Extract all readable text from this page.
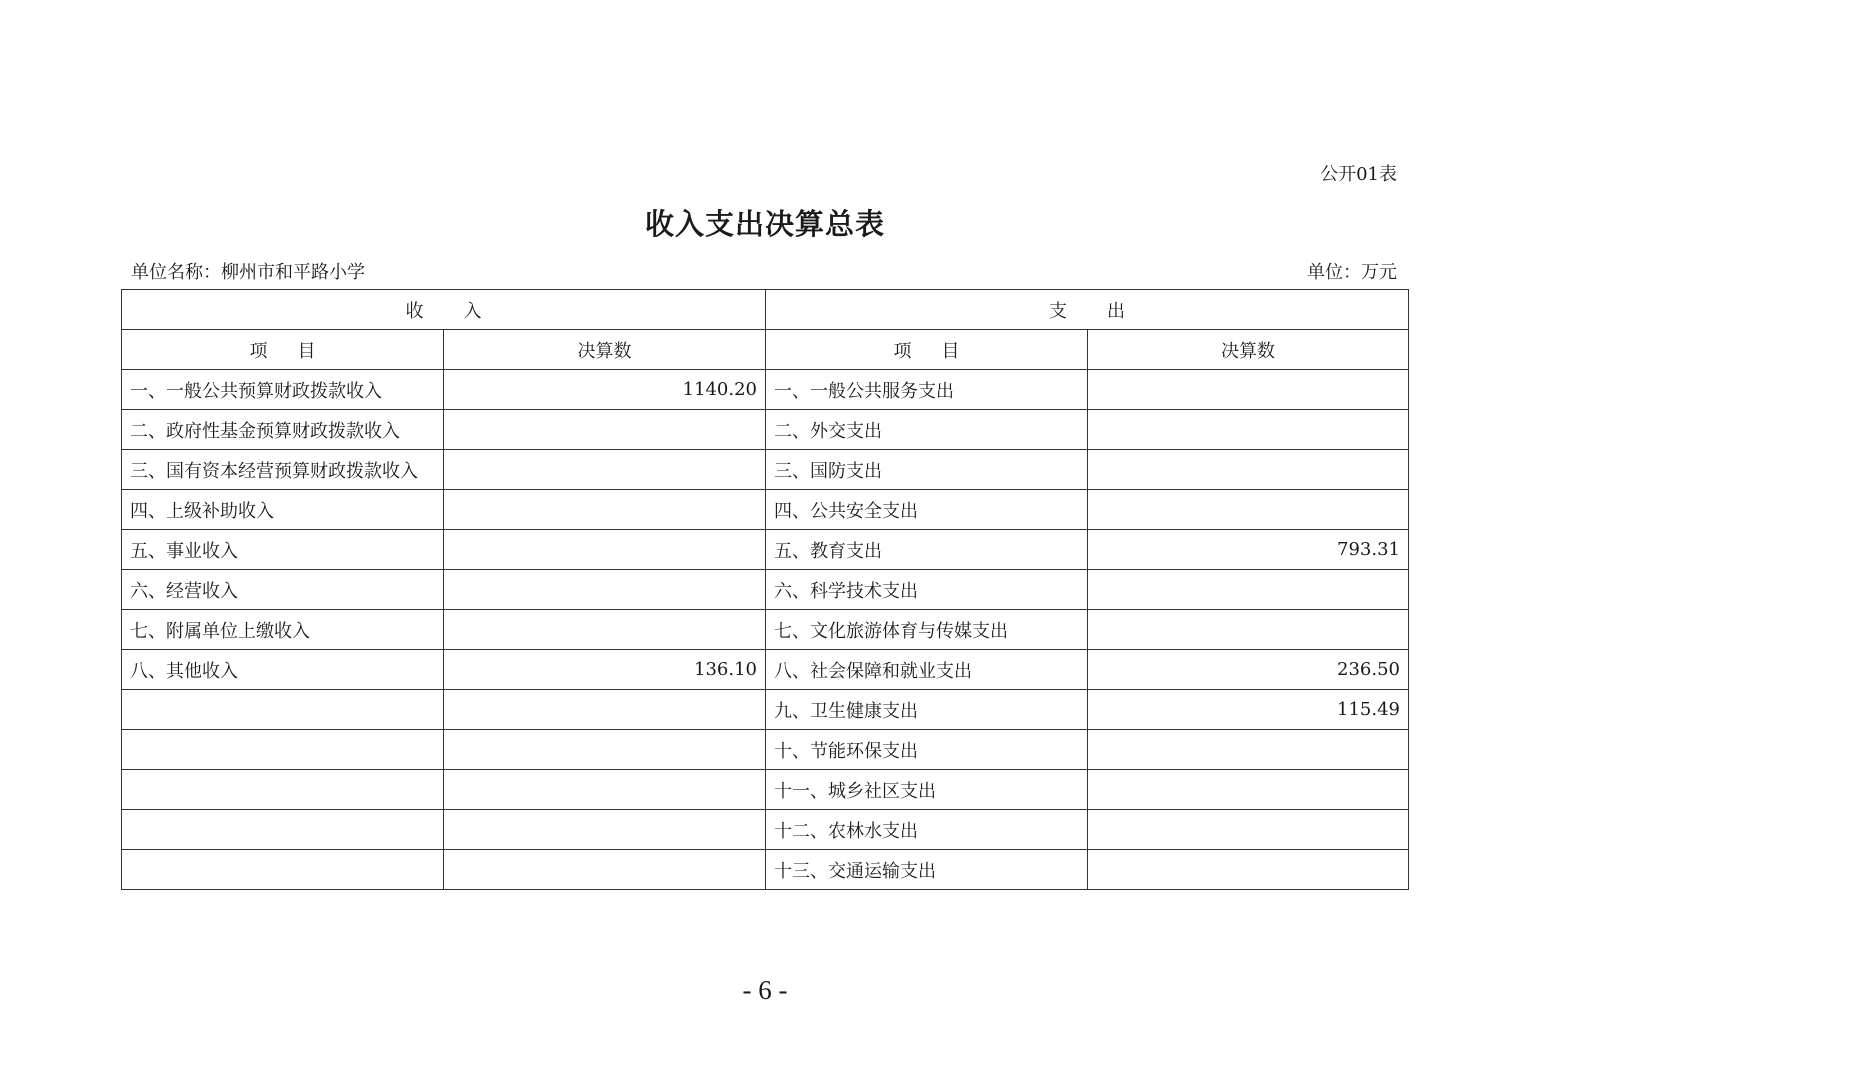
公开01表
收入支出决算总表
单位名称：柳州市和平路小学	单位：万元
收入		支出	
项目	决算数	项目	决算数
一、一般公共预算财政拨款收入	1140.20	一、一般公共服务支出	
二、政府性基金预算财政拨款收入		二、外交支出	
三、国有资本经营预算财政拨款收入		三、国防支出	
四、上级补助收入		四、公共安全支出	
五、事业收入		五、教育支出	793.31
六、经营收入		六、科学技术支出	
七、附属单位上缴收入		七、文化旅游体育与传媒支出	
八、其他收入	136.10	八、社会保障和就业支出	236.50
		九、卫生健康支出	115.49
		十、节能环保支出	
		十一、城乡社区支出	
		十二、农林水支出	
		十三、交通运输支出	
- 6 -
